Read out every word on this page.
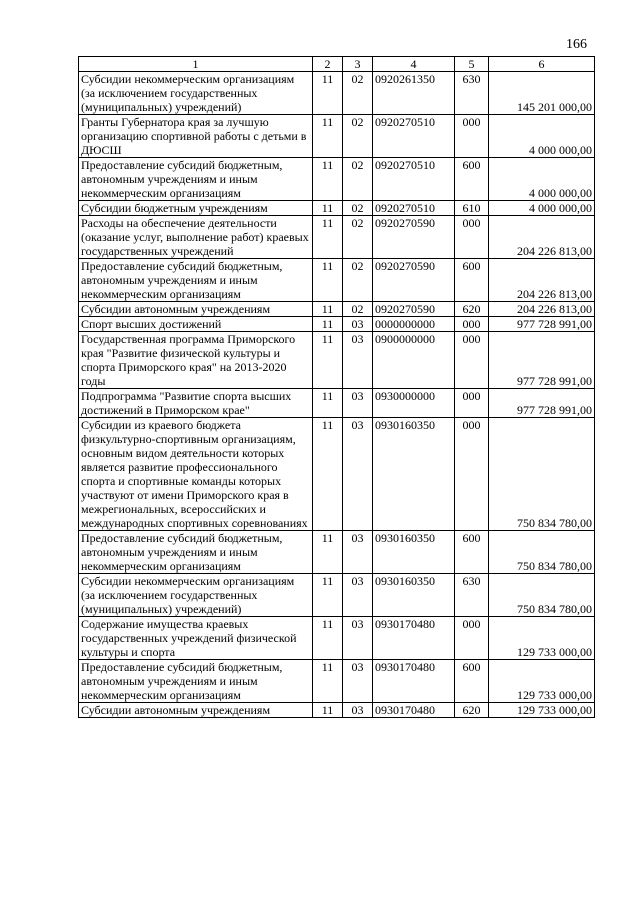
166
1	2	3	4	5	6
Субсидии некоммерческим организациям (за исключением государственных (муниципальных) учреждений)	11	02	0920261350	630	145 201 000,00
Гранты Губернатора края за лучшую организацию спортивной работы с детьми в ДЮСШ	11	02	0920270510	000	4 000 000,00
Предоставление субсидий бюджетным, автономным учреждениям и иным некоммерческим организациям	11	02	0920270510	600	4 000 000,00
Субсидии бюджетным учреждениям	11	02	0920270510	610	4 000 000,00
Расходы на обеспечение деятельности (оказание услуг, выполнение работ) краевых государственных учреждений	11	02	0920270590	000	204 226 813,00
Предоставление субсидий бюджетным, автономным учреждениям и иным некоммерческим организациям	11	02	0920270590	600	204 226 813,00
Субсидии автономным учреждениям	11	02	0920270590	620	204 226 813,00
Спорт высших достижений	11	03	0000000000	000	977 728 991,00
Государственная программа Приморского края "Развитие физической культуры и спорта Приморского края" на 2013-2020 годы	11	03	0900000000	000	977 728 991,00
Подпрограмма "Развитие спорта высших достижений в Приморском крае"	11	03	0930000000	000	977 728 991,00
Субсидии из краевого бюджета физкультурно-спортивным организациям, основным видом деятельности которых является развитие профессионального спорта и спортивные команды которых участвуют от имени Приморского края в межрегиональных, всероссийских и международных спортивных соревнованиях	11	03	0930160350	000	750 834 780,00
Предоставление субсидий бюджетным, автономным учреждениям и иным некоммерческим организациям	11	03	0930160350	600	750 834 780,00
Субсидии некоммерческим организациям (за исключением государственных (муниципальных) учреждений)	11	03	0930160350	630	750 834 780,00
Содержание имущества краевых государственных учреждений физической культуры и спорта	11	03	0930170480	000	129 733 000,00
Предоставление субсидий бюджетным, автономным учреждениям и иным некоммерческим организациям	11	03	0930170480	600	129 733 000,00
Субсидии автономным учреждениям	11	03	0930170480	620	129 733 000,00
